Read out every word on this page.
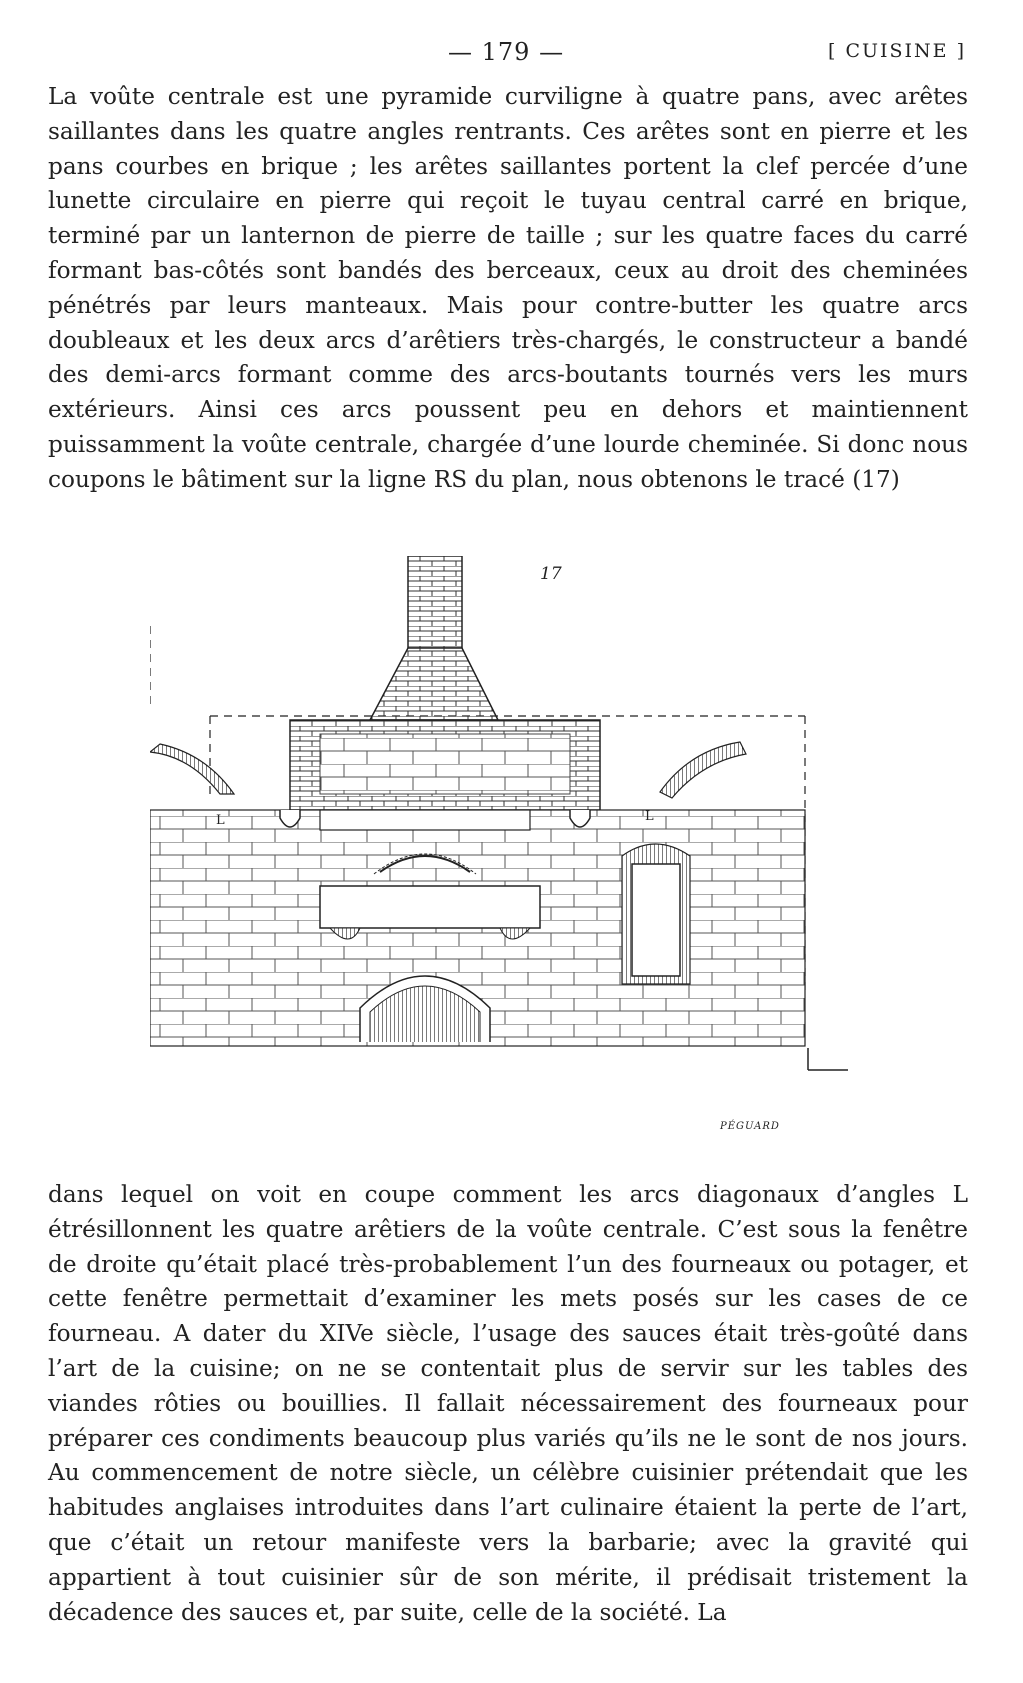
— 179 —	[ CUISINE ]

La voûte centrale est une pyramide curviligne à quatre pans, avec arêtes saillantes dans les quatre angles rentrants. Ces arêtes sont en pierre et les pans courbes en brique ; les arêtes saillantes portent la clef percée d’une lunette circulaire en pierre qui reçoit le tuyau central carré en brique, terminé par un lanternon de pierre de taille ; sur les quatre faces du carré formant bas-côtés sont bandés des berceaux, ceux au droit des cheminées pénétrés par leurs manteaux. Mais pour contre-butter les quatre arcs doubleaux et les deux arcs d’arêtiers très-chargés, le constructeur a bandé des demi-arcs formant comme des arcs-boutants tournés vers les murs extérieurs. Ainsi ces arcs poussent peu en dehors et maintiennent puissamment la voûte centrale, chargée d’une lourde cheminée. Si donc nous coupons le bâtiment sur la ligne RS du plan, nous obtenons le tracé (17)

17
L	L
PÉGUARD

dans lequel on voit en coupe comment les arcs diagonaux d’angles L étrésillonnent les quatre arêtiers de la voûte centrale. C’est sous la fenêtre de droite qu’était placé très-probablement l’un des fourneaux ou potager, et cette fenêtre permettait d’examiner les mets posés sur les cases de ce fourneau. A dater du XIVe siècle, l’usage des sauces était très-goûté dans l’art de la cuisine; on ne se contentait plus de servir sur les tables des viandes rôties ou bouillies. Il fallait nécessairement des fourneaux pour préparer ces condiments beaucoup plus variés qu’ils ne le sont de nos jours. Au commencement de notre siècle, un célèbre cuisinier prétendait que les habitudes anglaises introduites dans l’art culinaire étaient la perte de l’art, que c’était un retour manifeste vers la barbarie; avec la gravité qui appartient à tout cuisinier sûr de son mérite, il prédisait tristement la décadence des sauces et, par suite, celle de la société. La
